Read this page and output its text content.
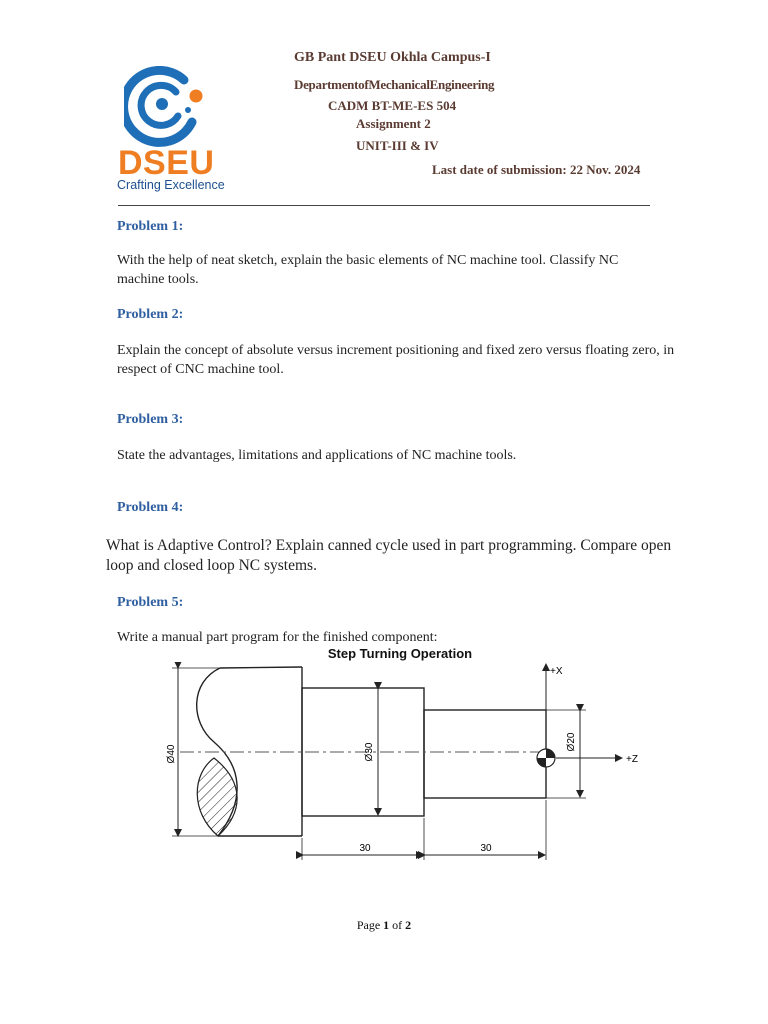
DSEU
Crafting Excellence
GB Pant DSEU Okhla Campus-I
DepartmentofMechanicalEngineering
CADM BT-ME-ES 504
Assignment 2
UNIT-III & IV
Last date of submission: 22 Nov. 2024
Problem 1:
With the help of neat sketch, explain the basic elements of NC machine tool. Classify NC machine tools.
Problem 2:
Explain the concept of absolute versus increment positioning and fixed zero versus floating zero, in respect of CNC machine tool.
Problem 3:
State the advantages, limitations and applications of NC machine tools.
Problem 4:
What is Adaptive Control? Explain canned cycle used in part programming. Compare open loop and closed loop NC systems.
Problem 5:
Write a manual part program for the finished component:
Step Turning Operation
Ø40	Ø30
Ø20
+X
+Z
30	30
Page 1 of 2
